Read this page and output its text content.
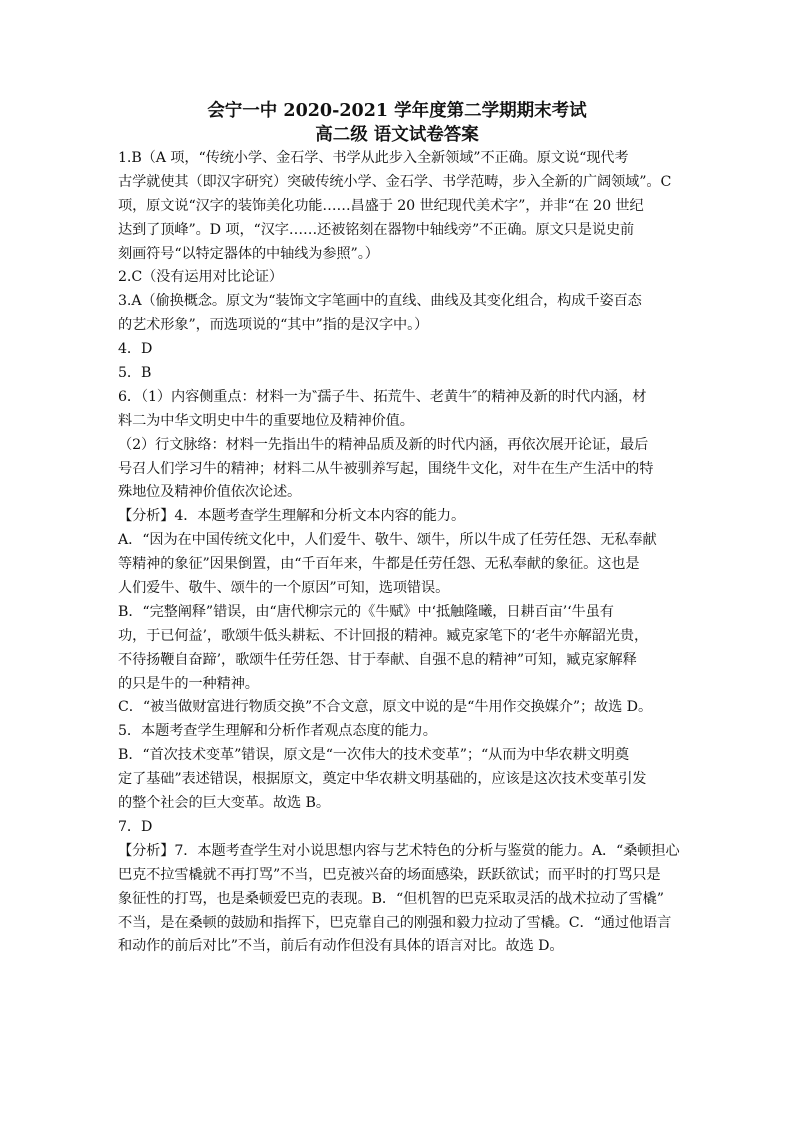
会宁一中 2020-2021 学年度第二学期期末考试
高二级 语文试卷答案
1.B（A 项，“传统小学、金石学、书学从此步入全新领域”不正确。原文说“现代考
古学就使其（即汉字研究）突破传统小学、金石学、书学范畴，步入全新的广阔领域”。C
项，原文说“汉字的装饰美化功能……昌盛于 20 世纪现代美术字”，并非“在 20 世纪
达到了顶峰”。D 项，“汉字……还被铭刻在器物中轴线旁”不正确。原文只是说史前
刻画符号“以特定器体的中轴线为参照”。）
2.C（没有运用对比论证）
3.A（偷换概念。原文为“装饰文字笔画中的直线、曲线及其变化组合，构成千姿百态
的艺术形象”，而选项说的“其中”指的是汉字中。）
4．D
5．B
6．（1）内容侧重点：材料一为‶孺子牛、拓荒牛、老黄牛″的精神及新的时代内涵，材
料二为中华文明史中牛的重要地位及精神价值。
（2）行文脉络：材料一先指出牛的精神品质及新的时代内涵，再依次展开论证，最后
号召人们学习牛的精神；材料二从牛被驯养写起，围绕牛文化，对牛在生产生活中的特
殊地位及精神价值依次论述。
【分析】4．本题考查学生理解和分析文本内容的能力。
A．“因为在中国传统文化中，人们爱牛、敬牛、颂牛，所以牛成了任劳任怨、无私奉献
等精神的象征”因果倒置，由“千百年来，牛都是任劳任怨、无私奉献的象征。这也是
人们爱牛、敬牛、颂牛的一个原因”可知，选项错误。
B．“完整阐释”错误，由“唐代柳宗元的《牛赋》中‘抵触隆曦，日耕百亩’‘牛虽有
功，于已何益’，歌颂牛低头耕耘、不计回报的精神。臧克家笔下的‘老牛亦解韶光贵，
不待扬鞭自奋蹄’，歌颂牛任劳任怨、甘于奉献、自强不息的精神”可知，臧克家解释
的只是牛的一种精神。
C．“被当做财富进行物质交换”不合文意，原文中说的是“牛用作交换媒介”；故选 D。
5．本题考查学生理解和分析作者观点态度的能力。
B．“首次技术变革”错误，原文是“一次伟大的技术变革”；“从而为中华农耕文明奠
定了基础”表述错误，根据原文，奠定中华农耕文明基础的，应该是这次技术变革引发
的整个社会的巨大变革。故选 B。
7．D
【分析】7．本题考查学生对小说思想内容与艺术特色的分析与鉴赏的能力。A．“桑顿担心
巴克不拉雪橇就不再打骂”不当，巴克被兴奋的场面感染，跃跃欲试；而平时的打骂只是
象征性的打骂，也是桑顿爱巴克的表现。B．“但机智的巴克采取灵活的战术拉动了雪橇”
不当，是在桑顿的鼓励和指挥下，巴克靠自己的刚强和毅力拉动了雪橇。C．“通过他语言
和动作的前后对比”不当，前后有动作但没有具体的语言对比。故选 D。
